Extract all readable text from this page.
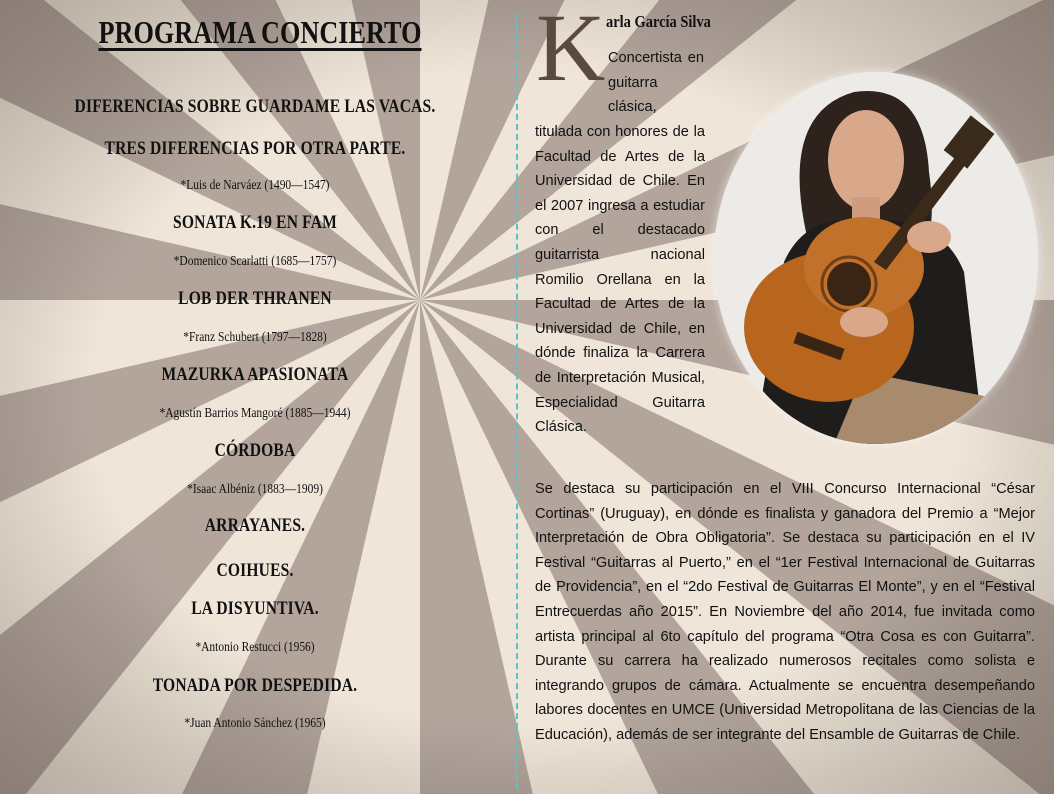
PROGRAMA CONCIERTO
DIFERENCIAS SOBRE GUARDAME LAS VACAS.
TRES DIFERENCIAS POR OTRA PARTE.
*Luis de Narváez (1490—1547)
SONATA K.19 EN FAM
*Domenico Scarlatti (1685—1757)
LOB DER THRANEN
*Franz Schubert (1797—1828)
MAZURKA APASIONATA
*Agustín Barrios Mangoré (1885—1944)
CÓRDOBA
*Isaac Albéniz (1883—1909)
ARRAYANES.
COIHUES.
LA DISYUNTIVA.
*Antonio Restucci (1956)
TONADA POR DESPEDIDA.
*Juan Antonio Sánchez (1965)
K arla García Silva

Concertista en guitarra clásica,

titulada con honores de la Facultad de Artes de la Universidad de Chile. En el 2007 ingresa a estudiar con el destacado guitarrista nacional Romilio Orellana en la Facultad de Artes de la Universidad de Chile, en dónde finaliza la Carrera de Interpretación Musical, Especialidad Guitarra Clásica.

Se destaca su participación en el VIII Concurso Internacional “César Cortinas” (Uruguay), en dónde es finalista y ganadora del Premio a “Mejor Interpretación de Obra Obligatoria”. Se destaca su participación en el IV Festival “Guitarras al Puerto,” en el “1er Festival Internacional de Guitarras de Providencia”, en el “2do Festival de Guitarras El Monte”, y en el “Festival Entrecuerdas año 2015”. En Noviembre del año 2014, fue invitada como artista principal al 6to capítulo del programa “Otra Cosa es con Guitarra”. Durante su carrera ha realizado numerosos recitales como solista e integrando grupos de cámara. Actualmente se encuentra desempeñando labores docentes en UMCE (Universidad Metropolitana de las Ciencias de la Educación), además de ser integrante del Ensamble de Guitarras de Chile.
